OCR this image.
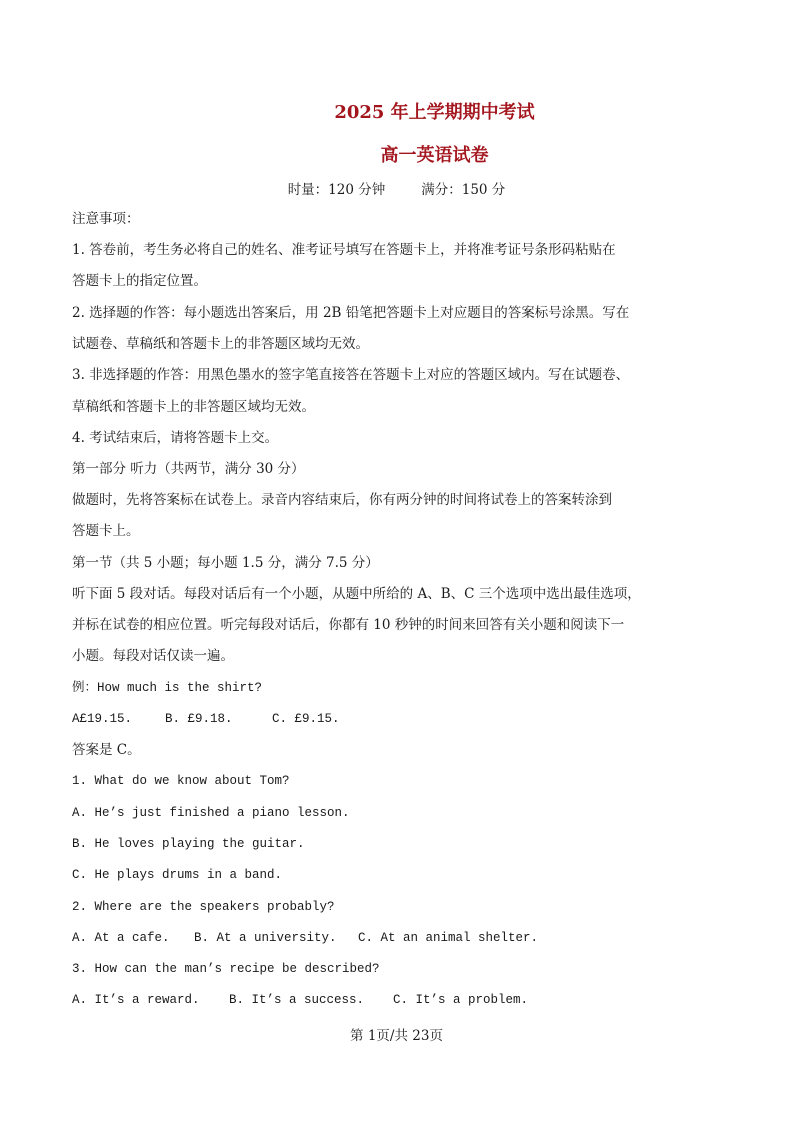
2025 年上学期期中考试
高一英语试卷
时量：120 分钟	满分：150 分
注意事项：
1. 答卷前，考生务必将自己的姓名、准考证号填写在答题卡上，并将准考证号条形码粘贴在
答题卡上的指定位置。
2. 选择题的作答：每小题选出答案后，用 2B 铅笔把答题卡上对应题目的答案标号涂黑。写在
试题卷、草稿纸和答题卡上的非答题区域均无效。
3. 非选择题的作答：用黑色墨水的签字笔直接答在答题卡上对应的答题区域内。写在试题卷、
草稿纸和答题卡上的非答题区域均无效。
4. 考试结束后，请将答题卡上交。
第一部分 听力（共两节，满分 30 分）
做题时，先将答案标在试卷上。录音内容结束后，你有两分钟的时间将试卷上的答案转涂到
答题卡上。
第一节（共 5 小题；每小题 1.5 分，满分 7.5 分）
听下面 5 段对话。每段对话后有一个小题，从题中所给的 A、B、C 三个选项中选出最佳选项，
并标在试卷的相应位置。听完每段对话后，你都有 10 秒钟的时间来回答有关小题和阅读下一
小题。每段对话仅读一遍。
例：How much is the shirt?
A£19.15.	B. £9.18.	C. £9.15.
答案是 C。
1. What do we know about Tom?
A. He’s just finished a piano lesson.
B. He loves playing the guitar.
C. He plays drums in a band.
2. Where are the speakers probably?
A. At a cafe. B. At a university. C. At an animal shelter.
3. How can the man’s recipe be described?
A. It’s a reward. B. It’s a success. C. It’s a problem.
第 1页/共 23页
